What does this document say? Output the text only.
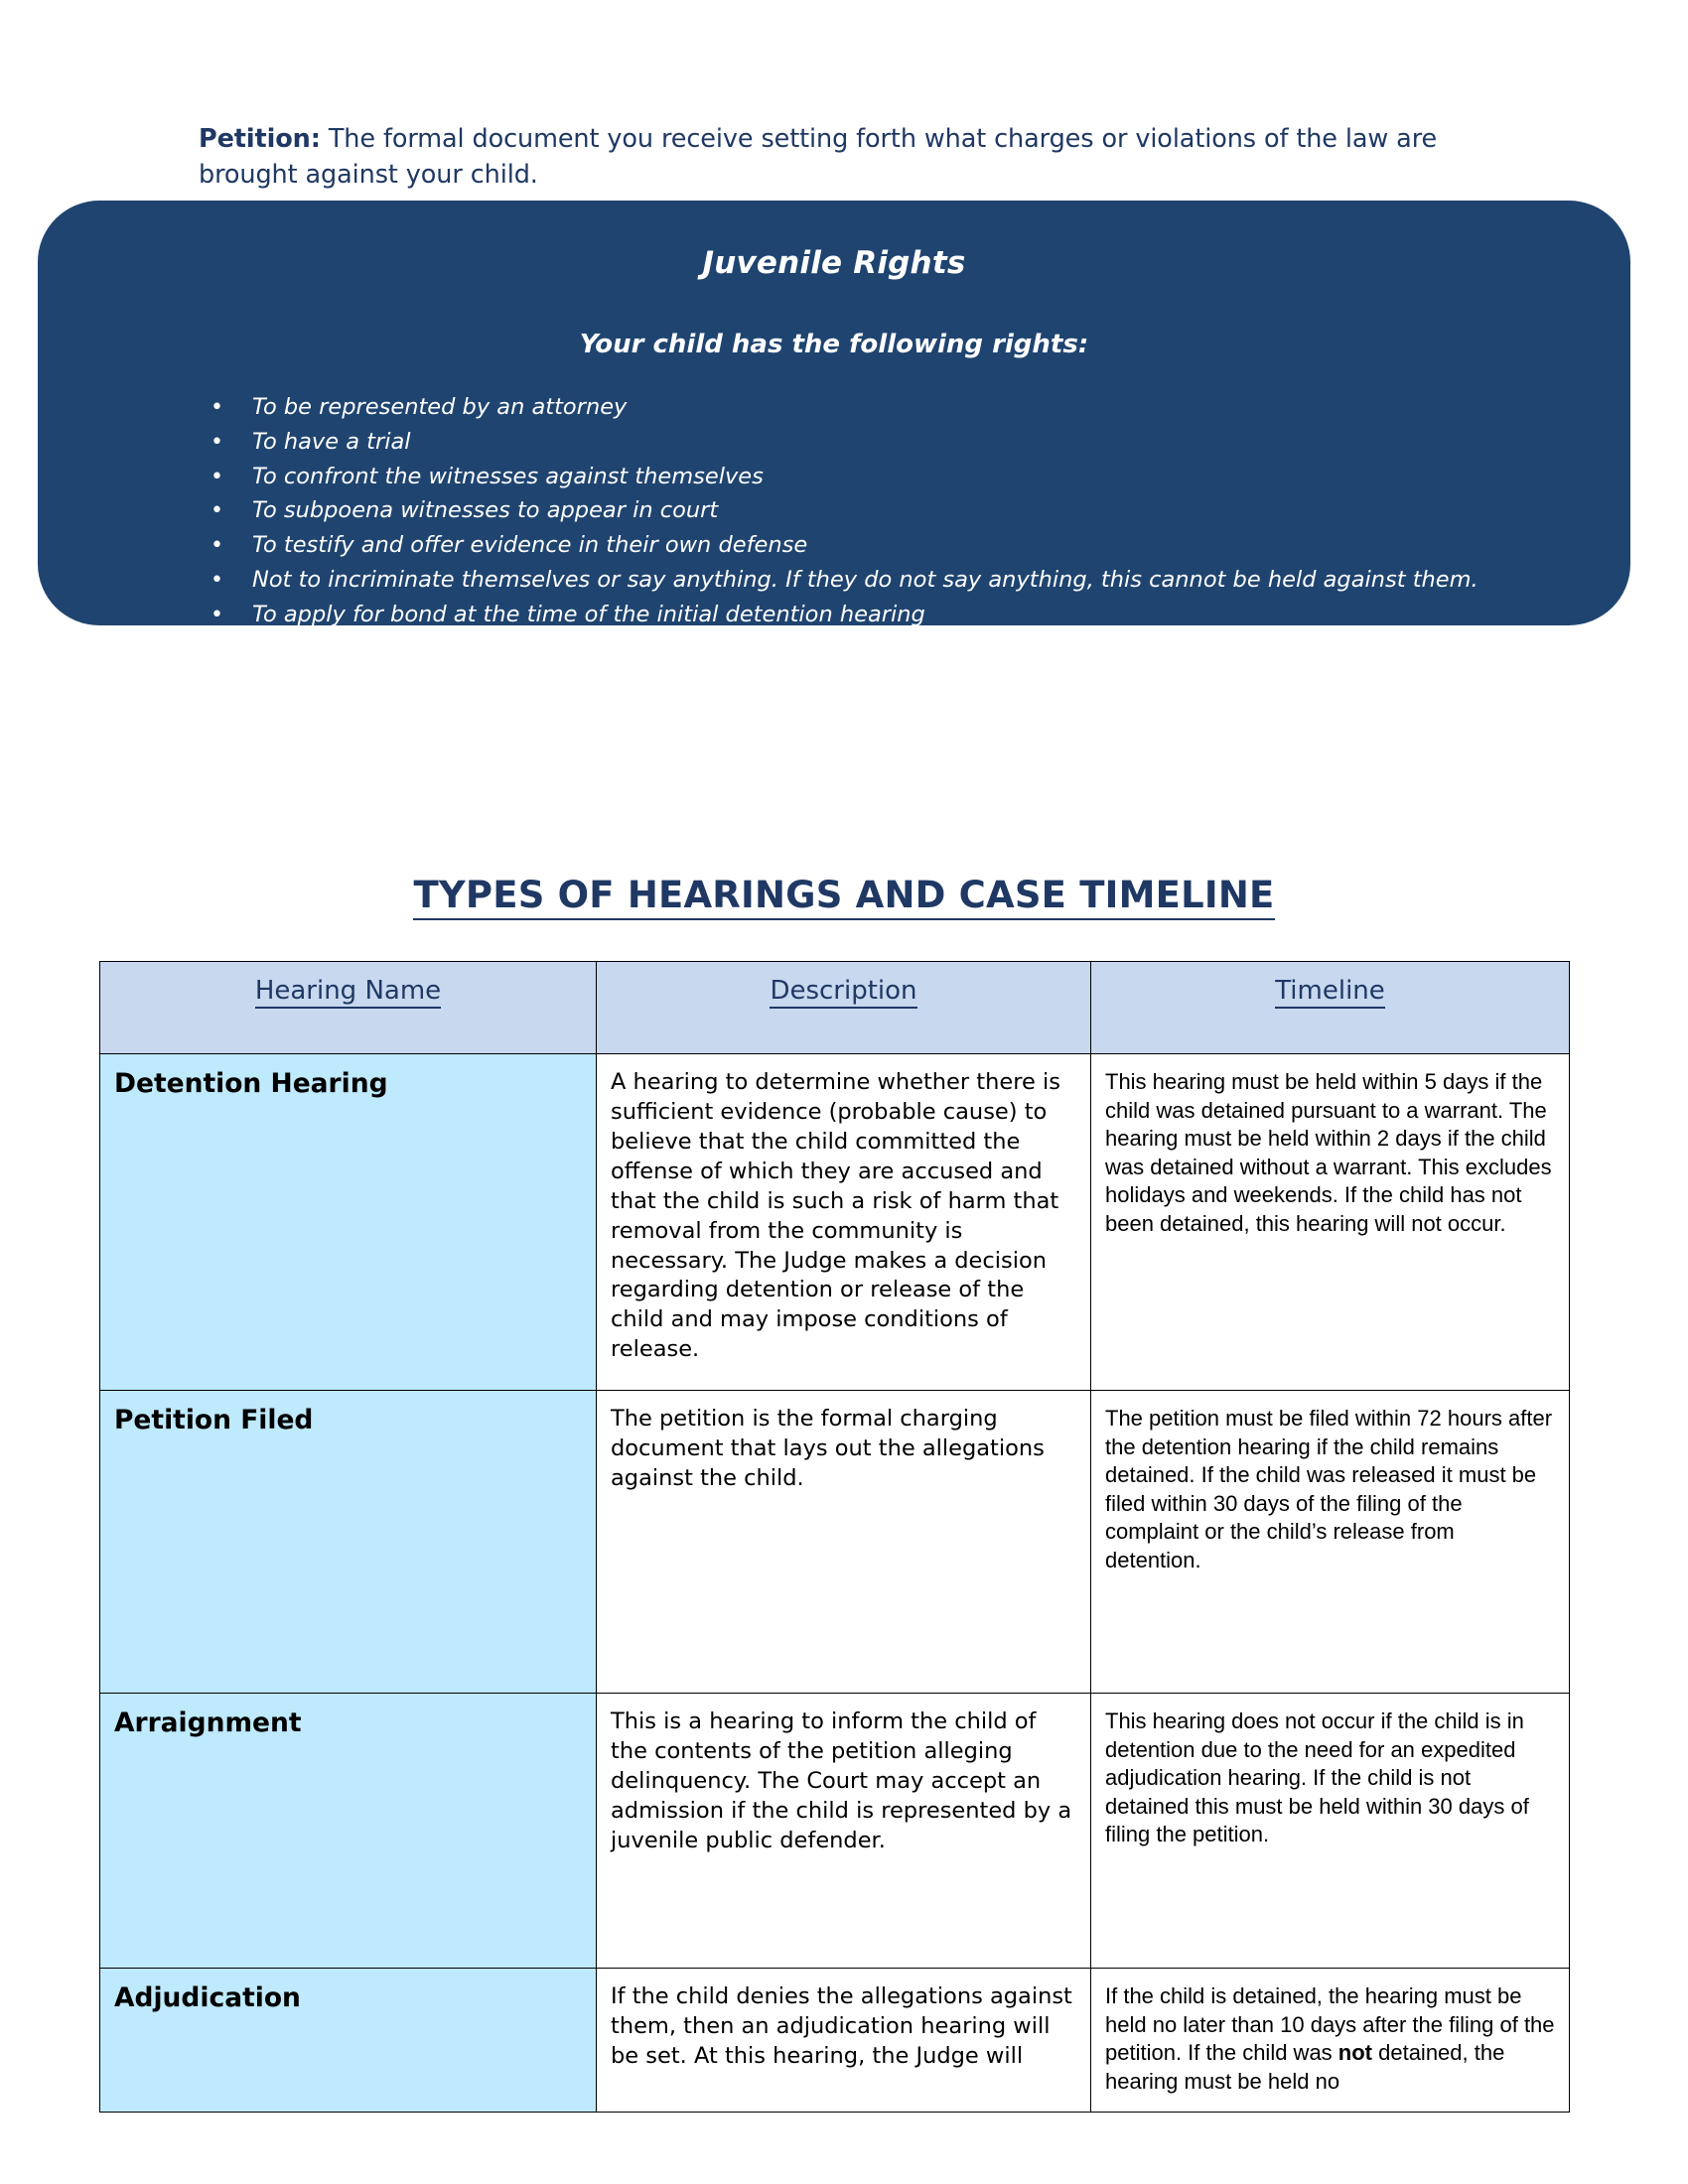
Petition: The formal document you receive setting forth what charges or violations of the law are brought against your child.

Juvenile Rights
Your child has the following rights:
• To be represented by an attorney
• To have a trial
• To confront the witnesses against themselves
• To subpoena witnesses to appear in court
• To testify and offer evidence in their own defense
• Not to incriminate themselves or say anything. If they do not say anything, this cannot be held against them.
• To apply for bond at the time of the initial detention hearing
• To file appeal
TYPES OF HEARINGS AND CASE TIMELINE
Hearing Name	Description	Timeline
Detention Hearing	A hearing to determine whether there is sufficient evidence (probable cause) to believe that the child committed the offense of which they are accused and that the child is such a risk of harm that removal from the community is necessary. The Judge makes a decision regarding detention or release of the child and may impose conditions of release.	This hearing must be held within 5 days if the child was detained pursuant to a warrant. The hearing must be held within 2 days if the child was detained without a warrant. This excludes holidays and weekends. If the child has not been detained, this hearing will not occur.
Petition Filed	The petition is the formal charging document that lays out the allegations against the child.	The petition must be filed within 72 hours after the detention hearing if the child remains detained. If the child was released it must be filed within 30 days of the filing of the complaint or the child’s release from detention.
Arraignment	This is a hearing to inform the child of the contents of the petition alleging delinquency. The Court may accept an admission if the child is represented by a juvenile public defender.	This hearing does not occur if the child is in detention due to the need for an expedited adjudication hearing. If the child is not detained this must be held within 30 days of filing the petition.
Adjudication	If the child denies the allegations against them, then an adjudication hearing will be set. At this hearing, the Judge will	If the child is detained, the hearing must be held no later than 10 days after the filing of the petition. If the child was not detained, the hearing must be held no
